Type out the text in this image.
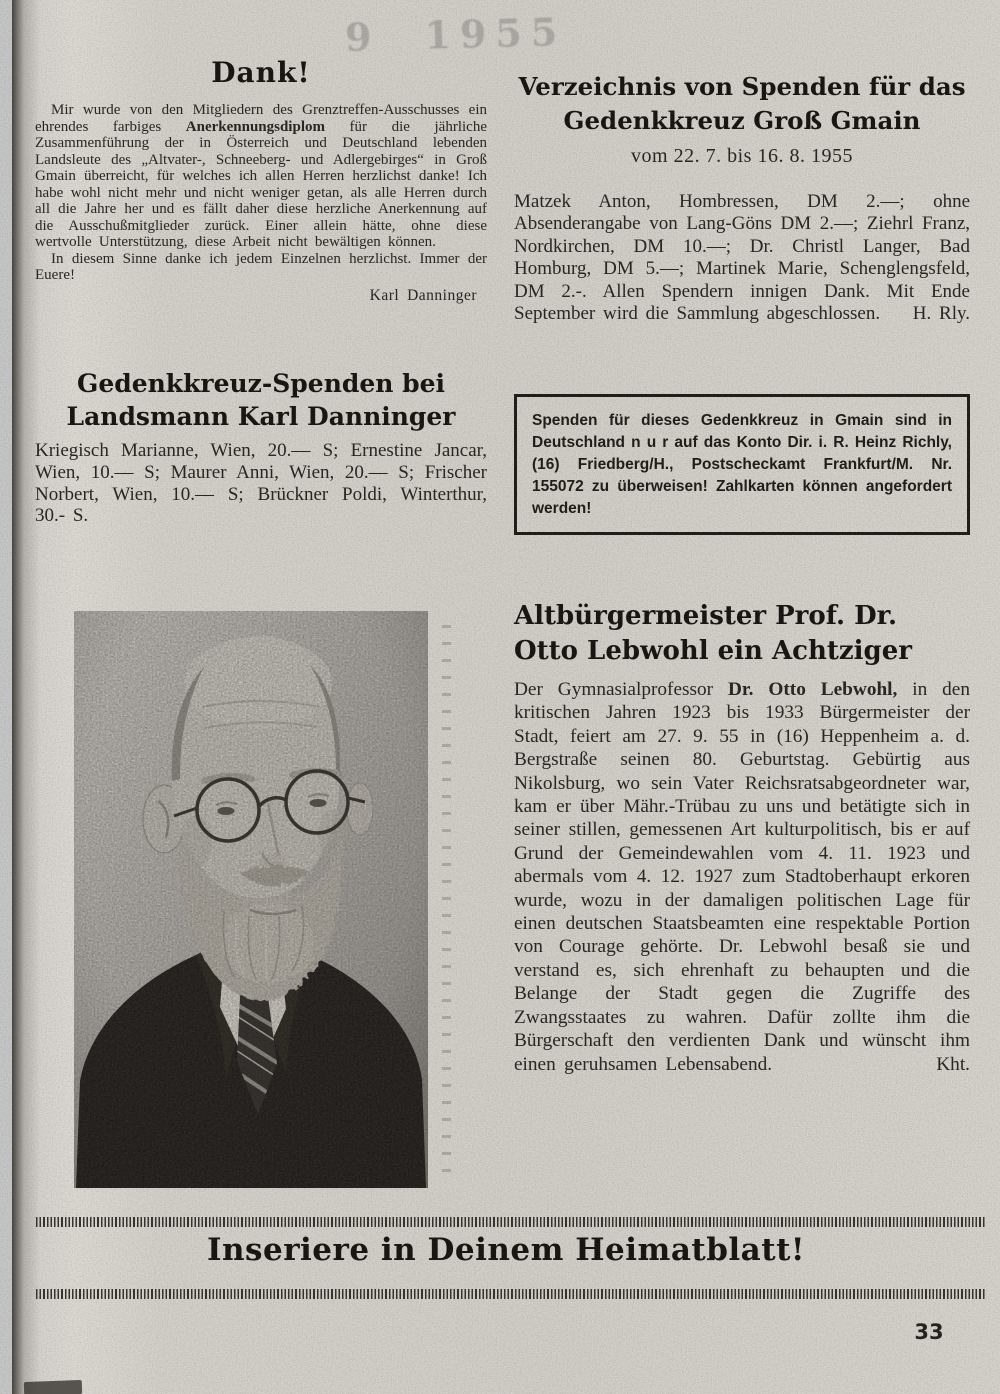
9 1955
Dank!

Mir wurde von den Mitgliedern des Grenztreffen-Ausschusses ein ehrendes farbiges Anerkennungsdiplom für die jährliche Zusammenführung der in Österreich und Deutschland lebenden Landsleute des „Altvater-, Schneeberg- und Adlergebirges“ in Groß Gmain überreicht, für welches ich allen Herren herzlichst danke! Ich habe wohl nicht mehr und nicht weniger getan, als alle Herren durch all die Jahre her und es fällt daher diese herzliche Anerkennung auf die Ausschußmitglieder zurück. Einer allein hätte, ohne diese wertvolle Unterstützung, diese Arbeit nicht bewältigen können.

In diesem Sinne danke ich jedem Einzelnen herzlichst. Immer der Euere!

Karl Danninger
Gedenkkreuz-Spenden bei
Landsmann Karl Danninger
Kriegisch Marianne, Wien, 20.— S; Ernestine Jancar, Wien, 10.— S; Maurer Anni, Wien, 20.— S; Frischer Norbert, Wien, 10.— S; Brückner Poldi, Winterthur, 30.- S.
Verzeichnis von Spenden für das
Gedenkkreuz Groß Gmain
vom 22. 7. bis 16. 8. 1955

Matzek Anton, Hombressen, DM 2.—; ohne Absenderangabe von Lang-Göns DM 2.—; Ziehrl Franz, Nordkirchen, DM 10.—; Dr. Christl Langer, Bad Homburg, DM 5.—; Martinek Marie, Schenglengsfeld, DM 2.-. Allen Spendern innigen Dank. Mit Ende September wird die Sammlung abgeschlossen. H. Rly.

Spenden für dieses Gedenkkreuz in Gmain sind in Deutschland n u r auf das Konto Dir. i. R. Heinz Richly, (16) Friedberg/H., Postscheckamt Frankfurt/M. Nr. 155072 zu überweisen! Zahlkarten können angefordert werden!
Altbürgermeister Prof. Dr.
Otto Lebwohl ein Achtziger

Der Gymnasialprofessor Dr. Otto Lebwohl, in den kritischen Jahren 1923 bis 1933 Bürgermeister der Stadt, feiert am 27. 9. 55 in (16) Heppenheim a. d. Bergstraße seinen 80. Geburtstag. Gebürtig aus Nikolsburg, wo sein Vater Reichsratsabgeordneter war, kam er über Mähr.-Trübau zu uns und betätigte sich in seiner stillen, gemessenen Art kulturpolitisch, bis er auf Grund der Gemeindewahlen vom 4. 11. 1923 und abermals vom 4. 12. 1927 zum Stadtoberhaupt erkoren wurde, wozu in der damaligen politischen Lage für einen deutschen Staatsbeamten eine respektable Portion von Courage gehörte. Dr. Lebwohl besaß sie und verstand es, sich ehrenhaft zu behaupten und die Belange der Stadt gegen die Zugriffe des Zwangsstaates zu wahren. Dafür zollte ihm die Bürgerschaft den verdienten Dank und wünscht ihm einen geruhsamen Lebensabend.	Kht.

Inseriere in Deinem Heimatblatt!
33
